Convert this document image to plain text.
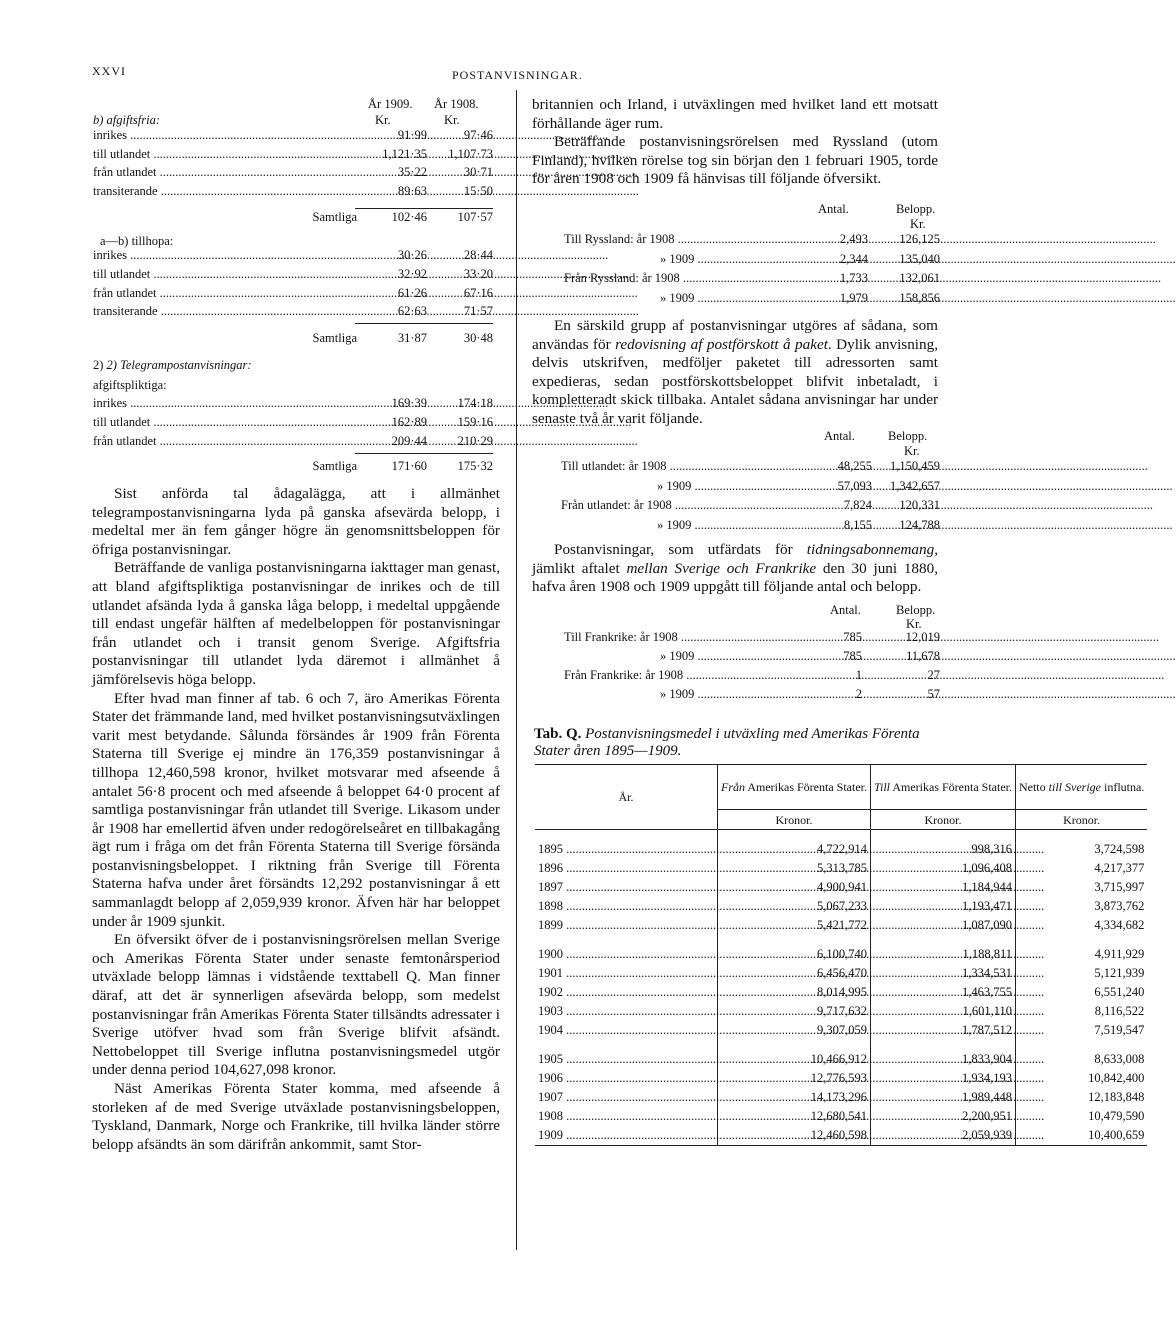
XXVI	POSTANVISNINGAR.
År 1909. År 1908.
Kr.	Kr.
b) afgiftsfria:
inrikes .....	91·99	97·46
till utlandet .....	1,121·35	1,107·73
från utlandet .....	35·22	30·71
transiterande .....	89·63	15·50
Samtliga	102·46	107·57
a—b) tillhopa:
inrikes .....	30·26	28·44
till utlandet .....	32·92	33·20
från utlandet .....	61·26	67·16
transiterande .....	62·63	71·57
Samtliga	31·87	30·48
2) 2) Telegrampostanvisningar:
afgiftspliktiga:
inrikes .....	169·39	174·18
till utlandet .....	162·89	159·16
från utlandet .....	209·44	210·29
Samtliga	171·60	175·32

Sist anförda tal ådagalägga, att i allmänhet telegrampostanvisningarna lyda på ganska afsevärda belopp, i medeltal mer än fem gånger högre än genomsnittsbeloppen för öfriga postanvisningar.

Beträffande de vanliga postanvisningarna iakttager man genast, att bland afgiftspliktiga postanvisningar de inrikes och de till utlandet afsända lyda å ganska låga belopp, i medeltal uppgående till endast ungefär hälften af medelbeloppen för postanvisningar från utlandet och i transit genom Sverige. Afgiftsfria postanvisningar till utlandet lyda däremot i allmänhet å jämförelsevis höga belopp.

Efter hvad man finner af tab. 6 och 7, äro Amerikas Förenta Stater det främmande land, med hvilket postanvisningsutväxlingen varit mest betydande. Sålunda försändes år 1909 från Förenta Staterna till Sverige ej mindre än 176,359 postanvisningar å tillhopa 12,460,598 kronor, hvilket motsvarar med afseende å antalet 56·8 procent och med afseende å beloppet 64·0 procent af samtliga postanvisningar från utlandet till Sverige. Likasom under år 1908 har emellertid äfven under redogörelseåret en tillbakagång ägt rum i fråga om det från Förenta Staterna till Sverige försända postanvisningsbeloppet. I riktning från Sverige till Förenta Staterna hafva under året försändts 12,292 postanvisningar å ett sammanlagdt belopp af 2,059,939 kronor. Äfven här har beloppet under år 1909 sjunkit.

En öfversikt öfver de i postanvisningsrörelsen mellan Sverige och Amerikas Förenta Stater under senaste femtonårsperiod utväxlade belopp lämnas i vidstående texttabell Q. Man finner däraf, att det är synnerligen afsevärda belopp, som medelst postanvisningar från Amerikas Förenta Stater tillsändts adressater i Sverige utöfver hvad som från Sverige blifvit afsändt. Nettobeloppet till Sverige influtna postanvisningsmedel utgör under denna period 104,627,098 kronor.

Näst Amerikas Förenta Stater komma, med afseende å storleken af de med Sverige utväxlade postanvisningsbeloppen, Tyskland, Danmark, Norge och Frankrike, till hvilka länder större belopp afsändts än som därifrån ankommit, samt Stor-

britannien och Irland, i utväxlingen med hvilket land ett motsatt förhållande äger rum.

Beträffande postanvisningsrörelsen med Ryssland (utom Finland), hvilken rörelse tog sin början den 1 februari 1905, torde för åren 1908 och 1909 få hänvisas till följande öfversikt.

Antal.	Belopp.
Kr.
Till Ryssland: år 1908 .....	2,493	126,125
» 1909 .....	2,344	135,040
Från Ryssland: år 1908 .....	1,733	132,061
» 1909 .....	1,979	158,856

En särskild grupp af postanvisningar utgöres af sådana, som användas för redovisning af postförskott å paket. Dylik anvisning, delvis utskrifven, medföljer paketet till adressorten samt expedieras, sedan postförskottsbeloppet blifvit inbetaladt, i kompletteradt skick tillbaka. Antalet sådana anvisningar har under senaste två år varit följande.

Antal.	Belopp.
Kr.
Till utlandet: år 1908 .....	48,255	1,150,459
» 1909 .....	57,093	1,342,657
Från utlandet: år 1908 .....	7,824	120,331
» 1909 .....	8,155	124,788

Postanvisningar, som utfärdats för tidningsabonnemang, jämlikt aftalet mellan Sverige och Frankrike den 30 juni 1880, hafva åren 1908 och 1909 uppgått till följande antal och belopp.

Antal.	Belopp.
Kr.
Till Frankrike: år 1908 .....	785	12,019
» 1909 .....	785	11,678
Från Frankrike: år 1908 .....	1	27
» 1909 .....	2	57
Tab. Q. Postanvisningsmedel i utväxling med Amerikas Förenta Stater åren 1895—1909.
År.	Från Amerikas Förenta Stater.	Till Amerikas Förenta Stater.	Netto till Sverige influtna.
	Kronor.	Kronor.	Kronor.

1895 .....	4,722,914	998,316	3,724,598
1896 .....	5,313,785	1,096,408	4,217,377
1897 .....	4,900,941	1,184,944	3,715,997
1898 .....	5,067,233	1,193,471	3,873,762
1899 .....	5,421,772	1,087,090	4,334,682

1900 .....	6,100,740	1,188,811	4,911,929
1901 .....	6,456,470	1,334,531	5,121,939
1902 .....	8,014,995	1,463,755	6,551,240
1903 .....	9,717,632	1,601,110	8,116,522
1904 .....	9,307,059	1,787,512	7,519,547

1905 .....	10,466,912	1,833,904	8,633,008
1906 .....	12,776,593	1,934,193	10,842,400
1907 .....	14,173,296	1,989,448	12,183,848
1908 .....	12,680,541	2,200,951	10,479,590
1909 .....	12,460,598	2,059,939	10,400,659
